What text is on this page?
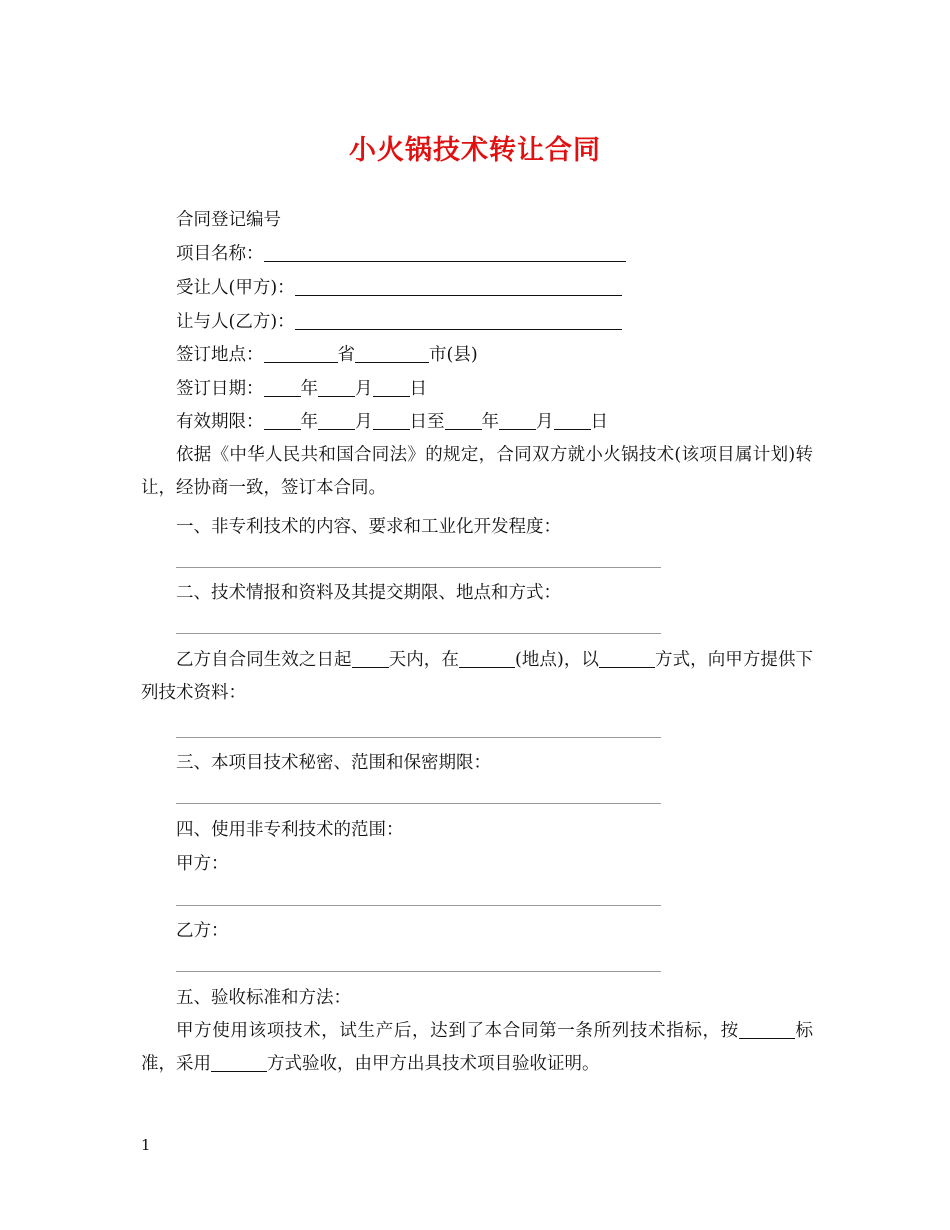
小火锅技术转让合同
合同登记编号
项目名称：
受让人(甲方)：
让与人(乙方)：
签订地点：	省	市(县)
签订日期： 年 月 日
有效期限： 年 月 日至 年 月 日
依据《中华人民共和国合同法》的规定，合同双方就小火锅技术(该项目属计划)转让，经协商一致，签订本合同。
一、非专利技术的内容、要求和工业化开发程度：
二、技术情报和资料及其提交期限、地点和方式：
乙方自合同生效之日起 天内，在	(地点)，以	方式，向甲方提供下列技术资料：
三、本项目技术秘密、范围和保密期限：
四、使用非专利技术的范围：
甲方：
乙方：
五、验收标准和方法：
甲方使用该项技术，试生产后，达到了本合同第一条所列技术指标，按	标准，采用	方式验收，由甲方出具技术项目验收证明。
1
